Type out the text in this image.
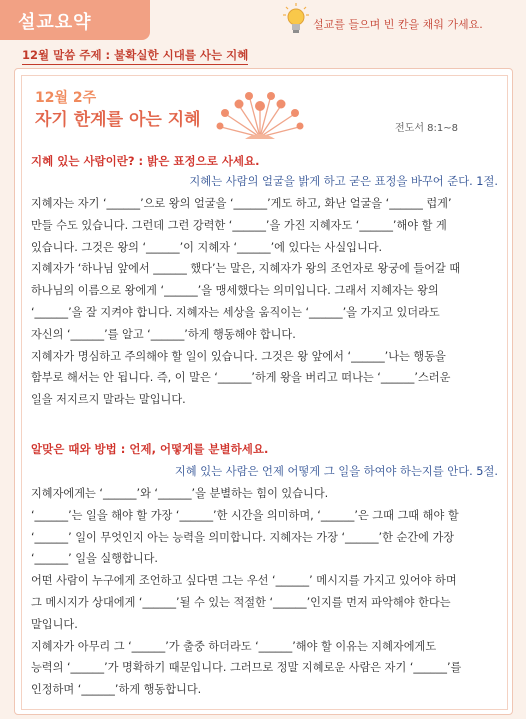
설교요약	설교를 들으며 빈 칸을 채워 가세요.
12월 말씀 주제 : 불확실한 시대를 사는 지혜
12월 2주
자기 한계를 아는 지혜	전도서 8:1~8
지혜 있는 사람이란? : 밝은 표정으로 사세요.
지혜는 사람의 얼굴을 밝게 하고 굳은 표정을 바꾸어 준다. 1절.
지혜자는 자기 ‘______’으로 왕의 얼굴을 ‘______’게도 하고, 화난 얼굴을 ‘______ 럽게’
만들 수도 있습니다. 그런데 그런 강력한 ‘______’을 가진 지혜자도 ‘______’해야 할 게
있습니다. 그것은 왕의 ‘______’이 지혜자 ‘______’에 있다는 사실입니다.
지혜자가 ‘하나님 앞에서 ______ 했다’는 말은, 지혜자가 왕의 조언자로 왕궁에 들어갈 때
하나님의 이름으로 왕에게 ‘______’을 맹세했다는 의미입니다. 그래서 지혜자는 왕의
‘______’을 잘 지켜야 합니다. 지혜자는 세상을 움직이는 ‘______’을 가지고 있더라도
자신의 ‘______’를 알고 ‘______’하게 행동해야 합니다.
지혜자가 명심하고 주의해야 할 일이 있습니다. 그것은 왕 앞에서 ‘______’나는 행동을
함부로 해서는 안 됩니다. 즉, 이 말은 ‘______’하게 왕을 버리고 떠나는 ‘______’스러운
일을 저지르지 말라는 말입니다.
알맞은 때와 방법 : 언제, 어떻게를 분별하세요.
지혜 있는 사람은 언제 어떻게 그 일을 하여야 하는지를 안다. 5절.
지혜자에게는 ‘______’와 ‘______’을 분별하는 힘이 있습니다.
‘______’는 일을 해야 할 가장 ‘______’한 시간을 의미하며, ‘______’은 그때 그때 해야 할
‘______’ 일이 무엇인지 아는 능력을 의미합니다. 지혜자는 가장 ‘______’한 순간에 가장
‘______’ 일을 실행합니다.
어떤 사람이 누구에게 조언하고 싶다면 그는 우선 ‘______’ 메시지를 가지고 있어야 하며
그 메시지가 상대에게 ‘______’될 수 있는 적절한 ‘______’인지를 먼저 파악해야 한다는
말입니다.
지혜자가 아무리 그 ‘______’가 출중 하더라도 ‘______’해야 할 이유는 지혜자에게도
능력의 ‘______’가 명확하기 때문입니다. 그러므로 정말 지혜로운 사람은 자기 ‘______’를
인정하며 ‘______’하게 행동합니다.
